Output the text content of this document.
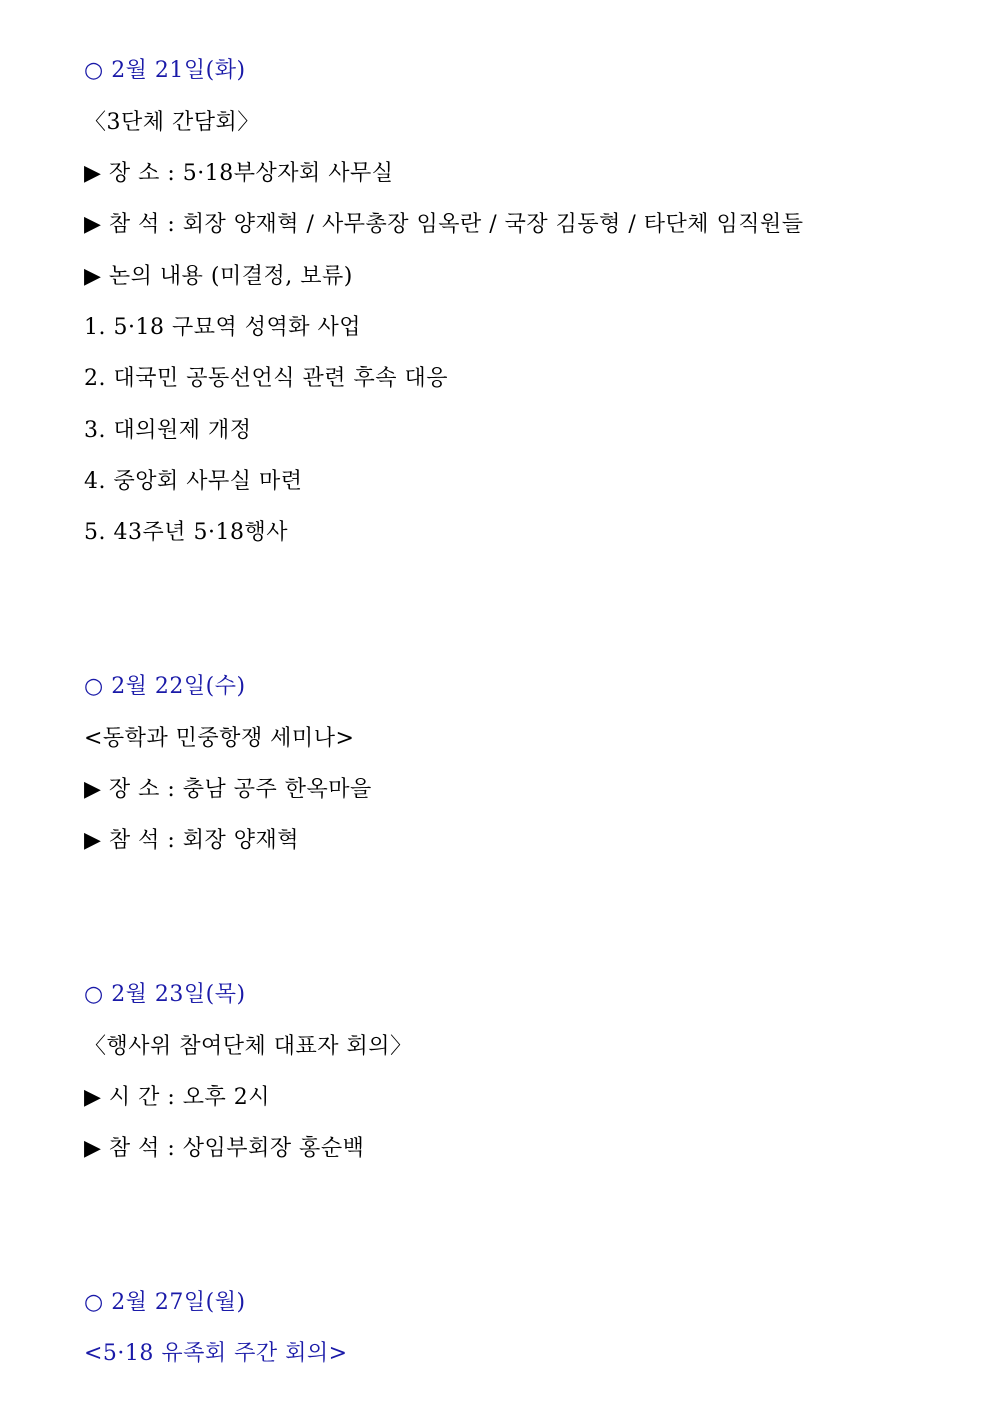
○ 2월 21일(화)
〈3단체 간담회〉
▶ 장 소 : 5·18부상자회 사무실
▶ 참 석 : 회장 양재혁 / 사무총장 임옥란 / 국장 김동형 / 타단체 임직원들
▶ 논의 내용 (미결정, 보류)
1. 5·18 구묘역 성역화 사업
2. 대국민 공동선언식 관련 후속 대응
3. 대의원제 개정
4. 중앙회 사무실 마련
5. 43주년 5·18행사
○ 2월 22일(수)
<동학과 민중항쟁 세미나>
▶ 장 소 : 충남 공주 한옥마을
▶ 참 석 : 회장 양재혁
○ 2월 23일(목)
〈행사위 참여단체 대표자 회의〉
▶ 시 간 : 오후 2시
▶ 참 석 : 상임부회장 홍순백
○ 2월 27일(월)
<5·18 유족회 주간 회의>
